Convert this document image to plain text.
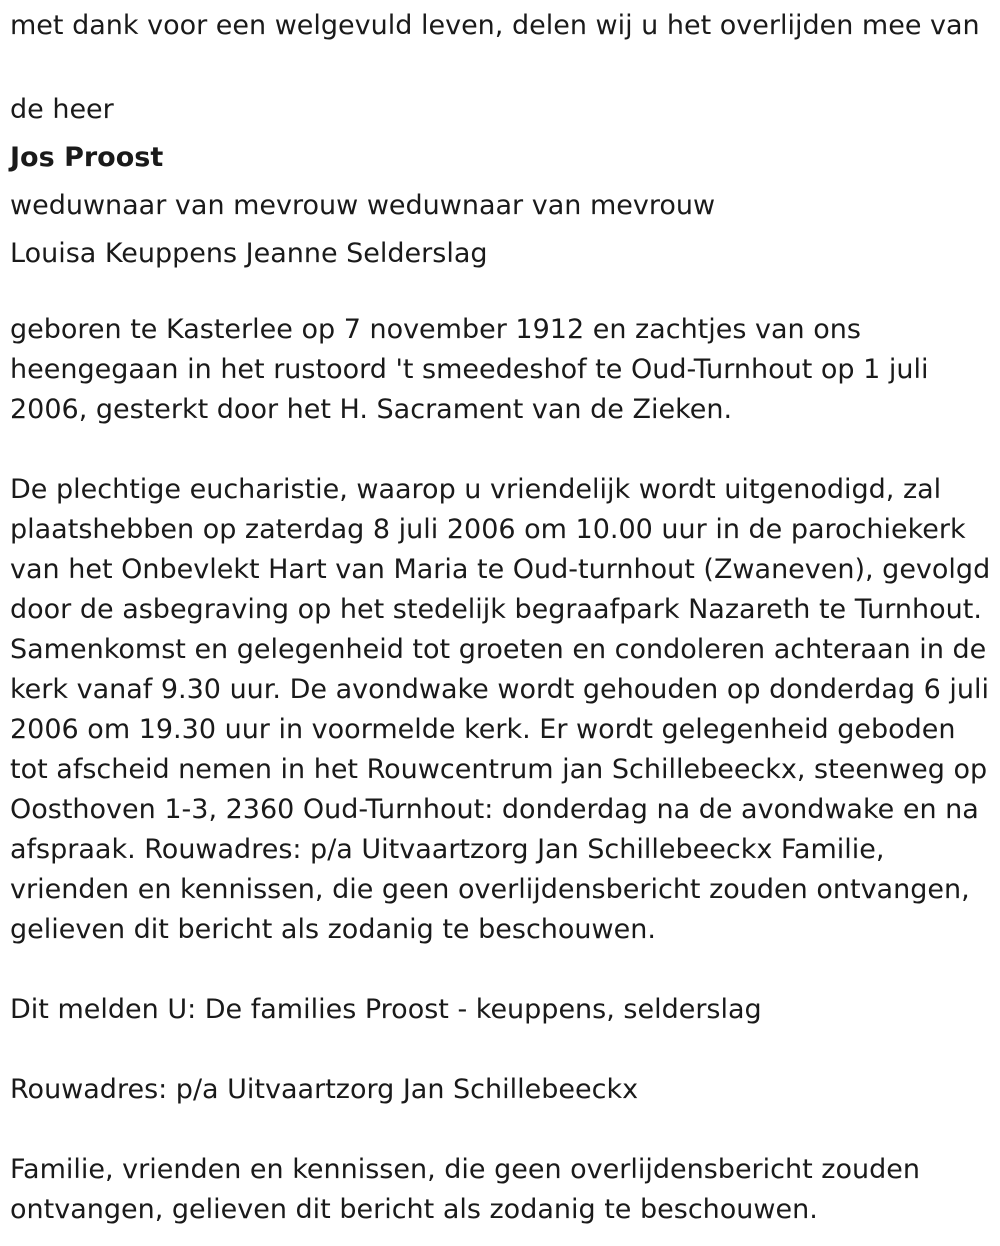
met dank voor een welgevuld leven, delen wij u het overlijden mee van
de heer
Jos Proost
weduwnaar van mevrouw weduwnaar van mevrouw
Louisa Keuppens Jeanne Selderslag
geboren te Kasterlee op 7 november 1912 en zachtjes van ons
heengegaan in het rustoord 't smeedeshof te Oud-Turnhout op 1 juli
2006, gesterkt door het H. Sacrament van de Zieken.
De plechtige eucharistie, waarop u vriendelijk wordt uitgenodigd, zal
plaatshebben op zaterdag 8 juli 2006 om 10.00 uur in de parochiekerk
van het Onbevlekt Hart van Maria te Oud-turnhout (Zwaneven), gevolgd
door de asbegraving op het stedelijk begraafpark Nazareth te Turnhout.
Samenkomst en gelegenheid tot groeten en condoleren achteraan in de
kerk vanaf 9.30 uur. De avondwake wordt gehouden op donderdag 6 juli
2006 om 19.30 uur in voormelde kerk. Er wordt gelegenheid geboden
tot afscheid nemen in het Rouwcentrum jan Schillebeeckx, steenweg op
Oosthoven 1-3, 2360 Oud-Turnhout: donderdag na de avondwake en na
afspraak. Rouwadres: p/a Uitvaartzorg Jan Schillebeeckx Familie,
vrienden en kennissen, die geen overlijdensbericht zouden ontvangen,
gelieven dit bericht als zodanig te beschouwen.
Dit melden U: De families Proost - keuppens, selderslag
Rouwadres: p/a Uitvaartzorg Jan Schillebeeckx
Familie, vrienden en kennissen, die geen overlijdensbericht zouden
ontvangen, gelieven dit bericht als zodanig te beschouwen.
